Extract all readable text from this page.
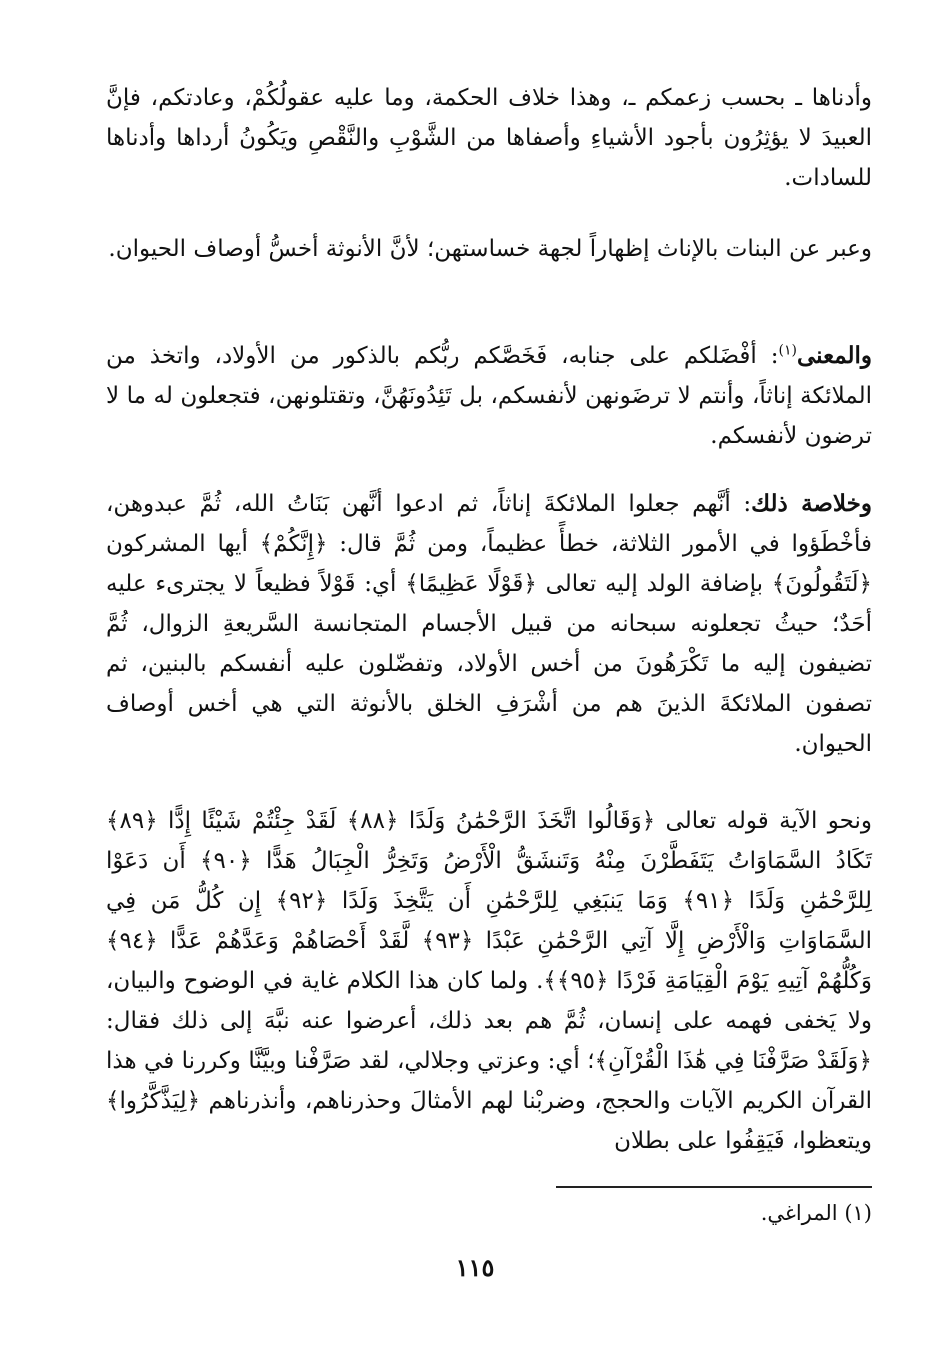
وأدناها ـ بحسب زعمكم ـ، وهذا خلاف الحكمة، وما عليه عقولُكُمْ، وعادتكم، فإنَّ العبيدَ لا يؤثِرُون بأجود الأشياءِ وأصفاها من الشَّوْبِ والنَّقْصِ ويَكُونُ أرداها وأدناها للسادات.

وعبر عن البنات بالإناث إظهاراً لجهة خساستهن؛ لأنَّ الأنوثة أخسُّ أوصاف الحيوان.

والمعنى$^{(١)}$: أفْضَلكم على جنابه، فَخَصَّكم ربُّكم بالذكور من الأولاد، واتخذ من الملائكة إناثاً، وأنتم لا ترضَونهن لأنفسكم، بل تَئِدُونَهُنَّ، وتقتلونهن، فتجعلون له ما لا ترضون لأنفسكم.

وخلاصة ذلك: أنَّهم جعلوا الملائكةَ إناثاً، ثم ادعوا أنَّهن بَنَاتُ الله، ثُمَّ عبدوهن، فأخْطَؤوا في الأمور الثلاثة، خطأً عظيماً، ومن ثُمَّ قال: ﴿إِنَّكُمْ﴾ أيها المشركون ﴿لَتَقُولُونَ﴾ بإضافة الولد إليه تعالى ﴿قَوْلًا عَظِيمًا﴾ أي: قَوْلاً فظيعاً لا يجترىء عليه أحَدٌ؛ حيثُ تجعلونه سبحانه من قبيل الأجسام المتجانسة السَّريعةِ الزوال، ثُمَّ تضيفون إليه ما تَكْرَهُونَ من أخس الأولاد، وتفضّلون عليه أنفسكم بالبنين، ثم تصفون الملائكةَ الذينَ هم من أشْرَفِ الخلق بالأنوثة التي هي أخس أوصاف الحيوان.

ونحو الآية قوله تعالى ﴿وَقَالُوا اتَّخَذَ الرَّحْمَٰنُ وَلَدًا ﴿٨٨﴾ لَقَدْ جِئْتُمْ شَيْئًا إِدًّا ﴿٨٩﴾ تَكَادُ السَّمَاوَاتُ يَتَفَطَّرْنَ مِنْهُ وَتَنشَقُّ الْأَرْضُ وَتَخِرُّ الْجِبَالُ هَدًّا ﴿٩٠﴾ أَن دَعَوْا لِلرَّحْمَٰنِ وَلَدًا ﴿٩١﴾ وَمَا يَنبَغِي لِلرَّحْمَٰنِ أَن يَتَّخِذَ وَلَدًا ﴿٩٢﴾ إِن كُلُّ مَن فِي السَّمَاوَاتِ وَالْأَرْضِ إِلَّا آتِي الرَّحْمَٰنِ عَبْدًا ﴿٩٣﴾ لَّقَدْ أَحْصَاهُمْ وَعَدَّهُمْ عَدًّا ﴿٩٤﴾ وَكُلُّهُمْ آتِيهِ يَوْمَ الْقِيَامَةِ فَرْدًا ﴿٩٥﴾﴾. ولما كان هذا الكلام غاية في الوضوح والبيان، ولا يَخفى فهمه على إنسان، ثُمَّ هم بعد ذلك، أعرضوا عنه نبَّهَ إلى ذلك فقال: ﴿وَلَقَدْ صَرَّفْنَا فِي هَٰذَا الْقُرْآنِ﴾؛ أي: وعزتي وجلالي، لقد صَرَّفْنا وبيَّنَّا وكررنا في هذا القرآن الكريم الآيات والحجج، وضربْنا لهم الأمثالَ وحذرناهم، وأنذرناهم ﴿لِيَذَّكَّرُوا﴾ ويتعظوا، فَيَقِفُوا على بطلان

(١) المراغي.
١١٥
